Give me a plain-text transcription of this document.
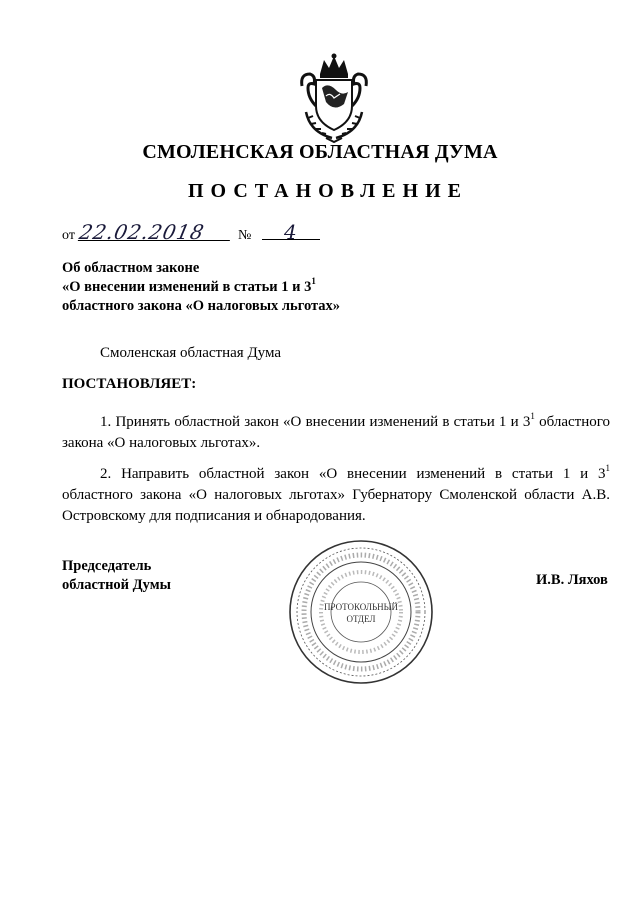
СМОЛЕНСКАЯ ОБЛАСТНАЯ ДУМА
ПОСТАНОВЛЕНИЕ
от 22.02.2018	№	4
Об областном законе
«О внесении изменений в статьи 1 и $3^1$
областного закона «О налоговых льготах»
Смоленская областная Дума
ПОСТАНОВЛЯЕТ:
1. Принять областной закон «О внесении изменений в статьи 1 и $3^1$ областного закона «О налоговых льготах».
2. Направить областной закон «О внесении изменений в статьи 1 и $3^1$ областного закона «О налоговых льготах» Губернатору Смоленской области А.В. Островскому для подписания и обнародования.
Председатель
областной Думы
ПРОТОКОЛЬНЫЙ
ОТДЕЛ
И.В. Ляхов
